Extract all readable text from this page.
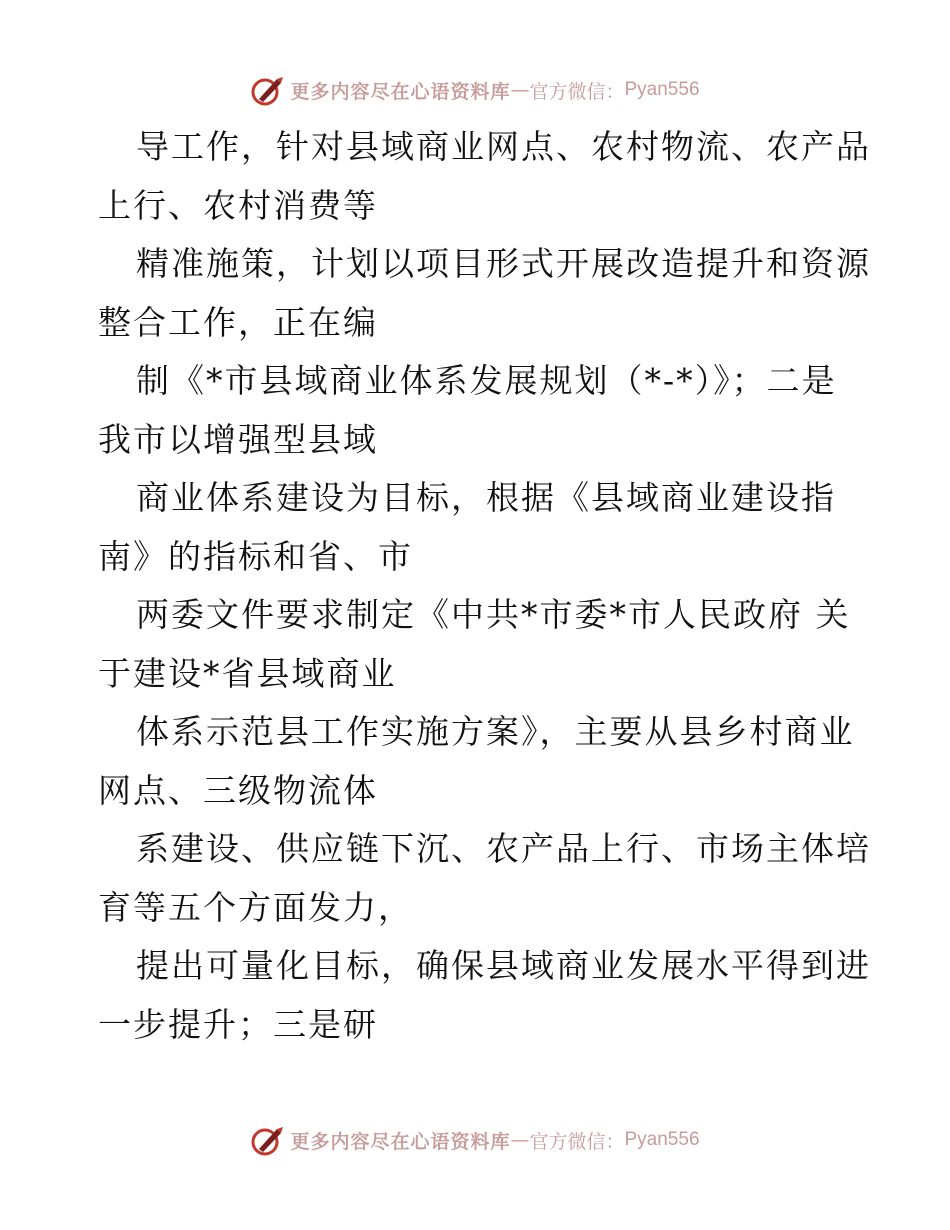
更多内容尽在心语资料库 — 官方微信： Pyan556
导工作，针对县域商业网点、农村物流、农产品
上行、农村消费等
精准施策，计划以项目形式开展改造提升和资源
整合工作，正在编
制《*市县域商业体系发展规划（*-*）》；二是
我市以增强型县域
商业体系建设为目标，根据《县域商业建设指
南》的指标和省、市
两委文件要求制定《中共*市委*市人民政府 关
于建设*省县域商业
体系示范县工作实施方案》，主要从县乡村商业
网点、三级物流体
系建设、供应链下沉、农产品上行、市场主体培
育等五个方面发力，
提出可量化目标，确保县域商业发展水平得到进
一步提升；三是研
更多内容尽在心语资料库 — 官方微信： Pyan556
